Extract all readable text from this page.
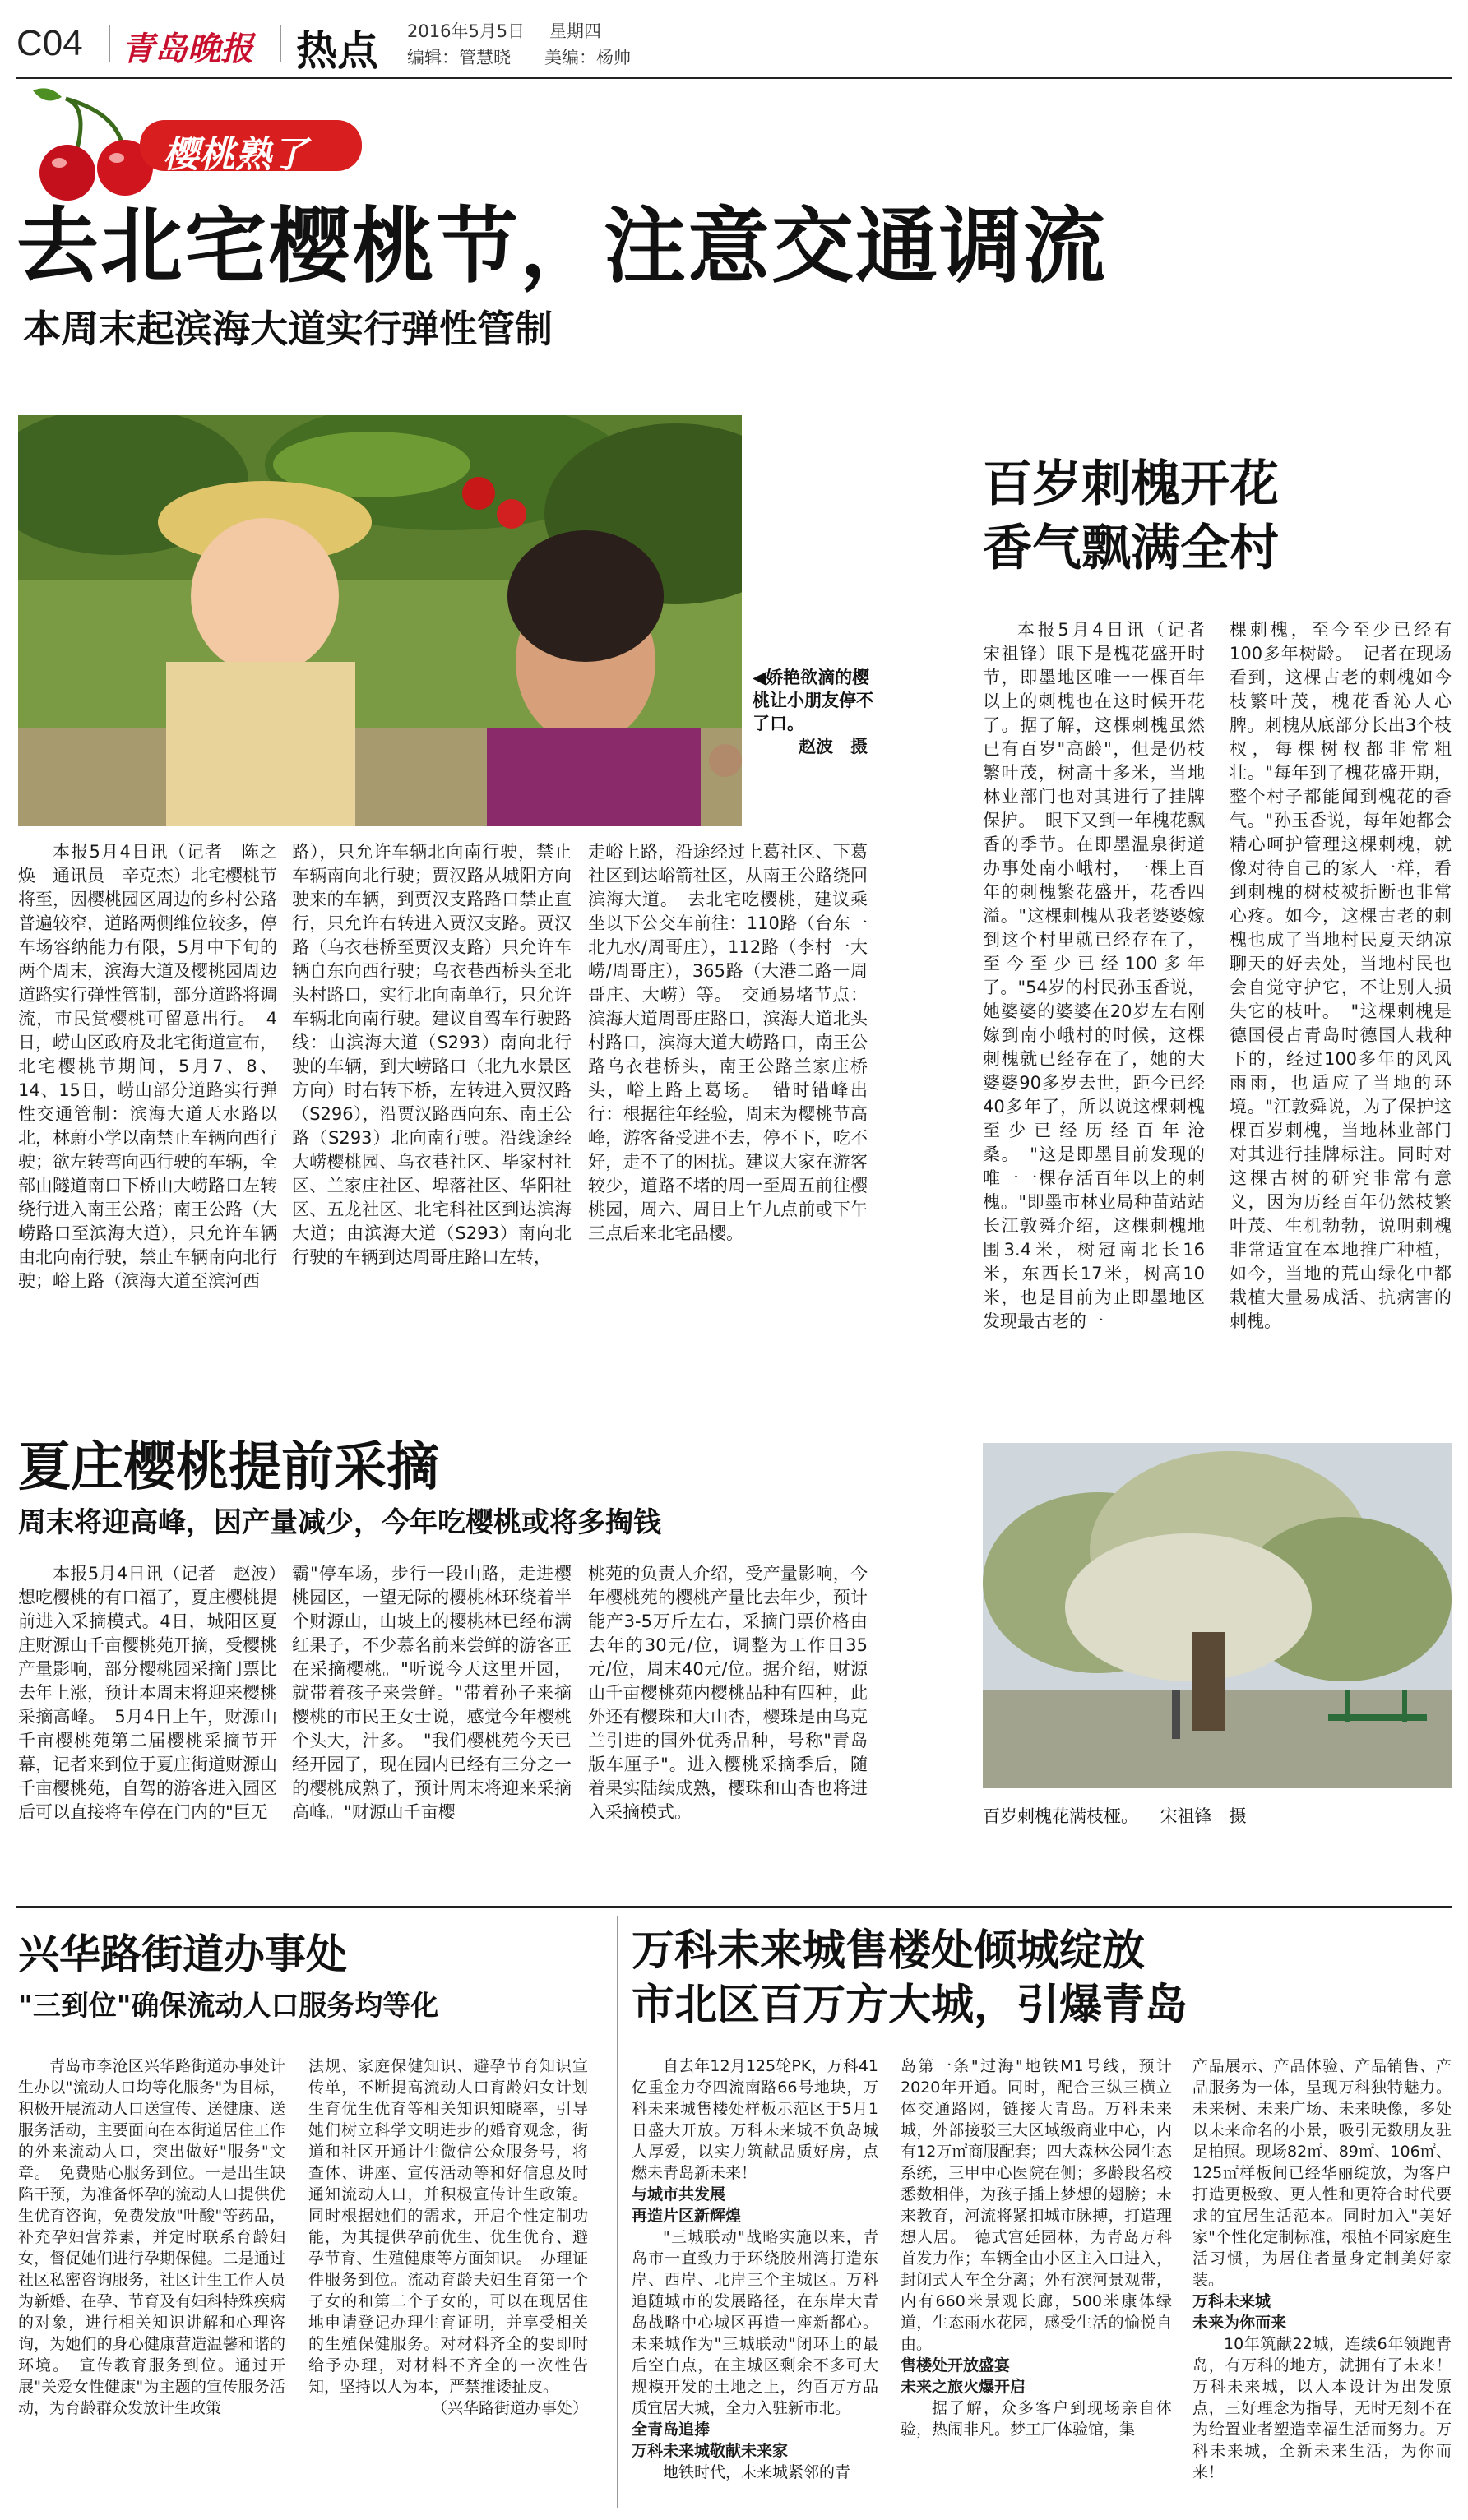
C04 青岛晚报 热点 2016年5月5日 星期四
编辑：管慧晓 美编：杨帅
樱桃熟了
去北宅樱桃节，注意交通调流
本周末起滨海大道实行弹性管制
◀娇艳欲滴的樱桃让小朋友停不了口。
赵波　摄

本报5月4日讯（记者　陈之焕　通讯员　辛克杰）北宅樱桃节将至，因樱桃园区周边的乡村公路普遍较窄，道路两侧维位较多，停车场容纳能力有限，5月中下旬的两个周末，滨海大道及樱桃园周边道路实行弹性管制，部分道路将调流，市民赏樱桃可留意出行。　4日，崂山区政府及北宅街道宣布，北宅樱桃节期间，5月7、8、14、15日，崂山部分道路实行弹性交通管制：滨海大道天水路以北，林蔚小学以南禁止车辆向西行驶；欲左转弯向西行驶的车辆，全部由隧道南口下桥由大崂路口左转绕行进入南王公路；南王公路（大崂路口至滨海大道），只允许车辆由北向南行驶，禁止车辆南向北行驶；峪上路（滨海大道至滨河西

路），只允许车辆北向南行驶，禁止车辆南向北行驶；贾汉路从城阳方向驶来的车辆，到贾汉支路路口禁止直行，只允许右转进入贾汉支路。贾汉路（乌衣巷桥至贾汉支路）只允许车辆自东向西行驶；乌衣巷西桥头至北头村路口，实行北向南单行，只允许车辆北向南行驶。建议自驾车行驶路线：由滨海大道（S293）南向北行驶的车辆，到大崂路口（北九水景区方向）时右转下桥，左转进入贾汉路（S296），沿贾汉路西向东、南王公路（S293）北向南行驶。沿线途经大崂樱桃园、乌衣巷社区、毕家村社区、兰家庄社区、埠落社区、华阳社区、五龙社区、北宅科社区到达滨海大道；由滨海大道（S293）南向北行驶的车辆到达周哥庄路口左转，

走峪上路，沿途经过上葛社区、下葛社区到达峪箭社区，从南王公路绕回滨海大道。　去北宅吃樱桃，建议乘坐以下公交车前往：110路（台东一北九水/周哥庄），112路（李村一大崂/周哥庄），365路（大港二路一周哥庄、大崂）等。　交通易堵节点：滨海大道周哥庄路口，滨海大道北头村路口，滨海大道大崂路口，南王公路乌衣巷桥头，南王公路兰家庄桥头，峪上路上葛场。　错时错峰出行：根据往年经验，周末为樱桃节高峰，游客备受进不去，停不下，吃不好，走不了的困扰。建议大家在游客较少，道路不堵的周一至周五前往樱桃园，周六、周日上午九点前或下午三点后来北宅品樱。

百岁刺槐开花
香气飘满全村

本报5月4日讯（记者　宋祖锋）眼下是槐花盛开时节，即墨地区唯一一棵百年以上的刺槐也在这时候开花了。据了解，这棵刺槐虽然已有百岁"高龄"，但是仍枝繁叶茂，树高十多米，当地林业部门也对其进行了挂牌保护。　眼下又到一年槐花飘香的季节。在即墨温泉街道办事处南小峨村，一棵上百年的刺槐繁花盛开，花香四溢。"这棵刺槐从我老婆婆嫁到这个村里就已经存在了，至今至少已经100多年了。"54岁的村民孙玉香说，她婆婆的婆婆在20岁左右刚嫁到南小峨村的时候，这棵刺槐就已经存在了，她的大婆婆90多岁去世，距今已经40多年了，所以说这棵刺槐至少已经历经百年沧桑。　"这是即墨目前发现的唯一一棵存活百年以上的刺槐。"即墨市林业局种苗站站长江敦舜介绍，这棵刺槐地围3.4米，树冠南北长16米，东西长17米，树高10米，也是目前为止即墨地区发现最古老的一

棵刺槐，至今至少已经有100多年树龄。　记者在现场看到，这棵古老的刺槐如今枝繁叶茂，槐花香沁人心脾。刺槐从底部分长出3个枝杈，每棵树杈都非常粗壮。"每年到了槐花盛开期，整个村子都能闻到槐花的香气。"孙玉香说，每年她都会精心呵护管理这棵刺槐，就像对待自己的家人一样，看到刺槐的树枝被折断也非常心疼。如今，这棵古老的刺槐也成了当地村民夏天纳凉聊天的好去处，当地村民也会自觉守护它，不让别人损失它的枝叶。　"这棵刺槐是德国侵占青岛时德国人栽种下的，经过100多年的风风雨雨，也适应了当地的环境。"江敦舜说，为了保护这棵百岁刺槐，当地林业部门对其进行挂牌标注。同时对这棵古树的研究非常有意义，因为历经百年仍然枝繁叶茂、生机勃勃，说明刺槐非常适宜在本地推广种植，如今，当地的荒山绿化中都栽植大量易成活、抗病害的刺槐。

百岁刺槐花满枝桠。 宋祖锋　摄
夏庄樱桃提前采摘
周末将迎高峰，因产量减少，今年吃樱桃或将多掏钱

本报5月4日讯（记者　赵波）想吃樱桃的有口福了，夏庄樱桃提前进入采摘模式。4日，城阳区夏庄财源山千亩樱桃苑开摘，受樱桃产量影响，部分樱桃园采摘门票比去年上涨，预计本周末将迎来樱桃采摘高峰。　5月4日上午，财源山千亩樱桃苑第二届樱桃采摘节开幕，记者来到位于夏庄街道财源山千亩樱桃苑，自驾的游客进入园区后可以直接将车停在门内的"巨无

霸"停车场，步行一段山路，走进樱桃园区，一望无际的樱桃林环绕着半个财源山，山坡上的樱桃林已经布满红果子，不少慕名前来尝鲜的游客正在采摘樱桃。"听说今天这里开园，就带着孩子来尝鲜。"带着孙子来摘樱桃的市民王女士说，感觉今年樱桃个头大，汁多。　"我们樱桃苑今天已经开园了，现在园内已经有三分之一的樱桃成熟了，预计周末将迎来采摘高峰。"财源山千亩樱

桃苑的负责人介绍，受产量影响，今年樱桃苑的樱桃产量比去年少，预计能产3-5万斤左右，采摘门票价格由去年的30元/位，调整为工作日35元/位，周末40元/位。据介绍，财源山千亩樱桃苑内樱桃品种有四种，此外还有樱珠和大山杏，樱珠是由乌克兰引进的国外优秀品种，号称"青岛版车厘子"。进入樱桃采摘季后，随着果实陆续成熟，樱珠和山杏也将进入采摘模式。

兴华路街道办事处
"三到位"确保流动人口服务均等化

青岛市李沧区兴华路街道办事处计生办以"流动人口均等化服务"为目标，积极开展流动人口送宣传、送健康、送服务活动，主要面向在本街道居住工作的外来流动人口，突出做好"服务"文章。　免费贴心服务到位。一是出生缺陷干预，为准备怀孕的流动人口提供优生优育咨询，免费发放"叶酸"等药品，补充孕妇营养素，并定时联系育龄妇女，督促她们进行孕期保健。二是通过社区私密咨询服务，社区计生工作人员为新婚、在孕、节育及有妇科特殊疾病的对象，进行相关知识讲解和心理咨询，为她们的身心健康营造温馨和谐的环境。　宣传教育服务到位。通过开展"关爱女性健康"为主题的宣传服务活动，为育龄群众发放计生政策

法规、家庭保健知识、避孕节育知识宣传单，不断提高流动人口育龄妇女计划生育优生优育等相关知识知晓率，引导她们树立科学文明进步的婚育观念，街道和社区开通计生微信公众服务号，将查体、讲座、宣传活动等和好信息及时通知流动人口，并积极宣传计生政策。同时根据她们的需求，开启个性定制功能，为其提供孕前优生、优生优育、避孕节育、生殖健康等方面知识。　办理证件服务到位。流动育龄夫妇生育第一个子女的和第二个子女的，可以在现居住地申请登记办理生育证明，并享受相关的生殖保健服务。对材料齐全的要即时给予办理，对材料不齐全的一次性告知，坚持以人为本，严禁推诿扯皮。

（兴华路街道办事处）
万科未来城售楼处倾城绽放
市北区百万方大城，引爆青岛

自去年12月125轮PK，万科41亿重金力夺四流南路66号地块，万科未来城售楼处样板示范区于5月1日盛大开放。万科未来城不负岛城人厚爱，以实力筑献品质好房，点燃未青岛新未来！

与城市共发展
再造片区新辉煌

"三城联动"战略实施以来，青岛市一直致力于环绕胶州湾打造东岸、西岸、北岸三个主城区。万科追随城市的发展路径，在东岸大青岛战略中心城区再造一座新都心。未来城作为"三城联动"闭环上的最后空白点，在主城区剩余不多可大规模开发的土地之上，约百万方品质宜居大城，全力入驻新市北。

全青岛追捧
万科未来城敬献未来家

地铁时代，未来城紧邻的青

岛第一条"过海"地铁M1号线，预计2020年开通。同时，配合三纵三横立体交通路网，链接大青岛。万科未来城，外部接驳三大区域级商业中心，内有12万㎡商服配套；四大森林公园生态系统，三甲中心医院在侧；多龄段名校悉数相伴，为孩子插上梦想的翅膀；未来教育，河流将紧扣城市脉搏，打造理想人居。　德式宫廷园林，为青岛万科首发力作；车辆全由小区主入口进入，封闭式人车全分离；外有滨河景观带，内有660米景观长廊，500米康体绿道，生态雨水花园，感受生活的愉悦自由。

售楼处开放盛宴
未来之旅火爆开启

据了解，众多客户到现场亲自体验，热闹非凡。梦工厂体验馆，集

产品展示、产品体验、产品销售、产品服务为一体，呈现万科独特魅力。未来树、未来广场、未来映像，多处以未来命名的小景，吸引无数朋友驻足拍照。现场82㎡、89㎡、106㎡、125㎡样板间已经华丽绽放，为客户打造更极致、更人性和更符合时代要求的宜居生活范本。同时加入"美好家"个性化定制标准，根植不同家庭生活习惯，为居住者量身定制美好家装。

万科未来城
未来为你而来

10年筑献22城，连续6年领跑青岛，有万科的地方，就拥有了未来！万科未来城，以人本设计为出发原点，三好理念为指导，无时无刻不在为给置业者塑造幸福生活而努力。万科未来城，全新未来生活，为你而来！
